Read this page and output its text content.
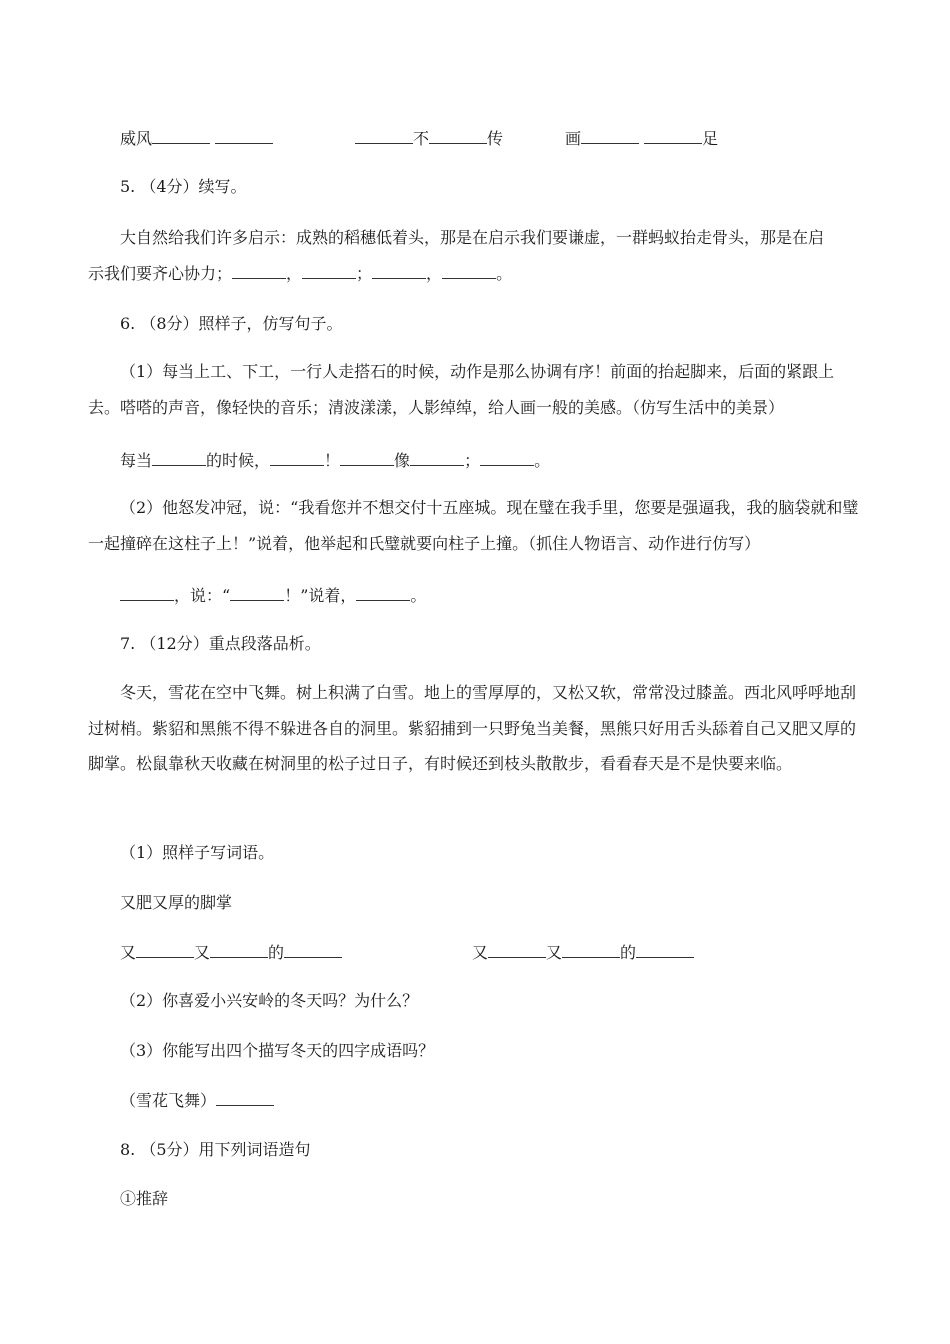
威风	不	传	画	足
5. （4分）续写。
大自然给我们许多启示：成熟的稻穗低着头，那是在启示我们要谦虚，一群蚂蚁抬走骨头，那是在启
示我们要齐心协力；	，	；	，	。
6. （8分）照样子，仿写句子。
（1）每当上工、下工，一行人走搭石的时候，动作是那么协调有序！前面的抬起脚来，后面的紧跟上去。嗒嗒的声音，像轻快的音乐；清波漾漾，人影绰绰，给人画一般的美感。（仿写生活中的美景）
每当	的时候，	！	像	；	。
（2）他怒发冲冠，说：“我看您并不想交付十五座城。现在璧在我手里，您要是强逼我，我的脑袋就和璧一起撞碎在这柱子上！”说着，他举起和氏璧就要向柱子上撞。（抓住人物语言、动作进行仿写）
，说：“	！”说着，	。
7. （12分）重点段落品析。
冬天，雪花在空中飞舞。树上积满了白雪。地上的雪厚厚的，又松又软，常常没过膝盖。西北风呼呼地刮过树梢。紫貂和黑熊不得不躲进各自的洞里。紫貂捕到一只野兔当美餐，黑熊只好用舌头舔着自己又肥又厚的脚掌。松鼠靠秋天收藏在树洞里的松子过日子，有时候还到枝头散散步，看看春天是不是快要来临。
（1）照样子写词语。
又肥又厚的脚掌
又	又	的	又	又	的
（2）你喜爱小兴安岭的冬天吗？为什么？
（3）你能写出四个描写冬天的四字成语吗？
（雪花飞舞）
8. （5分）用下列词语造句
①推辞
